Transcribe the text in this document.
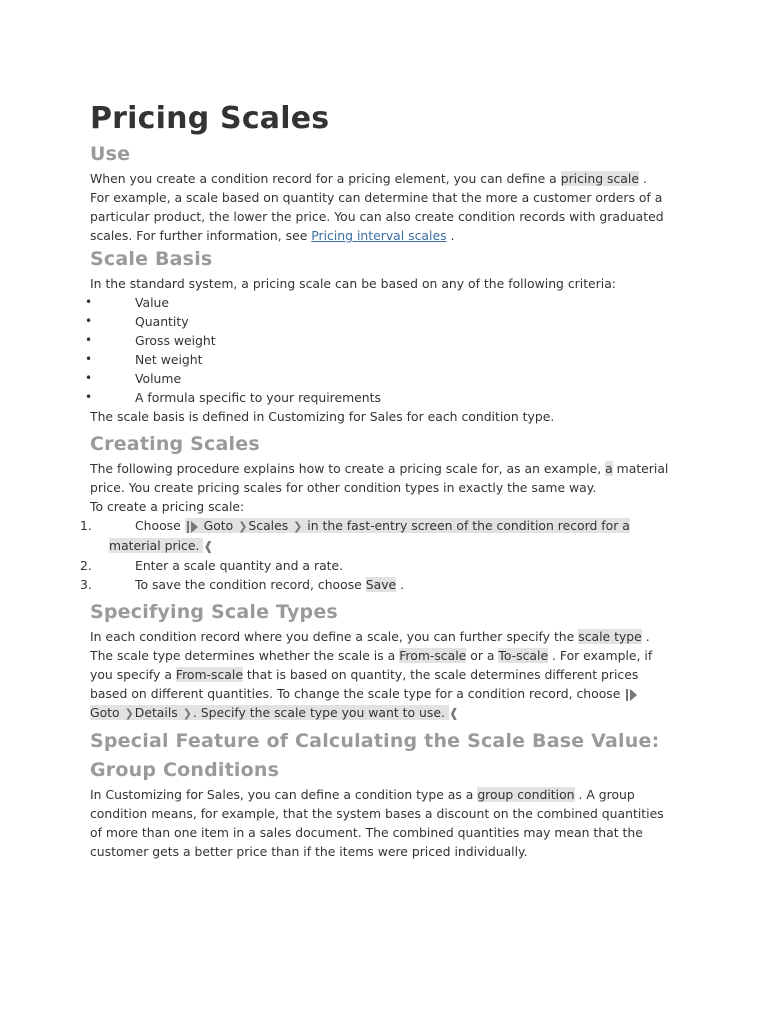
Pricing Scales
Use

When you create a condition record for a pricing element, you can define a pricing scale .
For example, a scale based on quantity can determine that the more a customer orders of a
particular product, the lower the price. You can also create condition records with graduated
scales. For further information, see Pricing interval scales .

Scale Basis

In the standard system, a pricing scale can be based on any of the following criteria:

• Value
• Quantity
• Gross weight
• Net weight
• Volume
• A formula specific to your requirements

The scale basis is defined in Customizing for Sales for each condition type.

Creating Scales

The following procedure explains how to create a pricing scale for, as an example, a material
price. You create pricing scales for other condition types in exactly the same way.
To create a pricing scale:

1.	Choose  Goto ❯Scales ❯ in the fast-entry screen of the condition record for a
material price. ❰
2.	Enter a scale quantity and a rate.
3.	To save the condition record, choose Save .
Specifying Scale Types

In each condition record where you define a scale, you can further specify the scale type .
The scale type determines whether the scale is a From-scale or a To-scale . For example, if
you specify a From-scale that is based on quantity, the scale determines different prices
based on different quantities. To change the scale type for a condition record, choose
Goto ❯Details ❯. Specify the scale type you want to use. ❰

Special Feature of Calculating the Scale Base Value:
Group Conditions

In Customizing for Sales, you can define a condition type as a group condition . A group
condition means, for example, that the system bases a discount on the combined quantities
of more than one item in a sales document. The combined quantities may mean that the
customer gets a better price than if the items were priced individually.
